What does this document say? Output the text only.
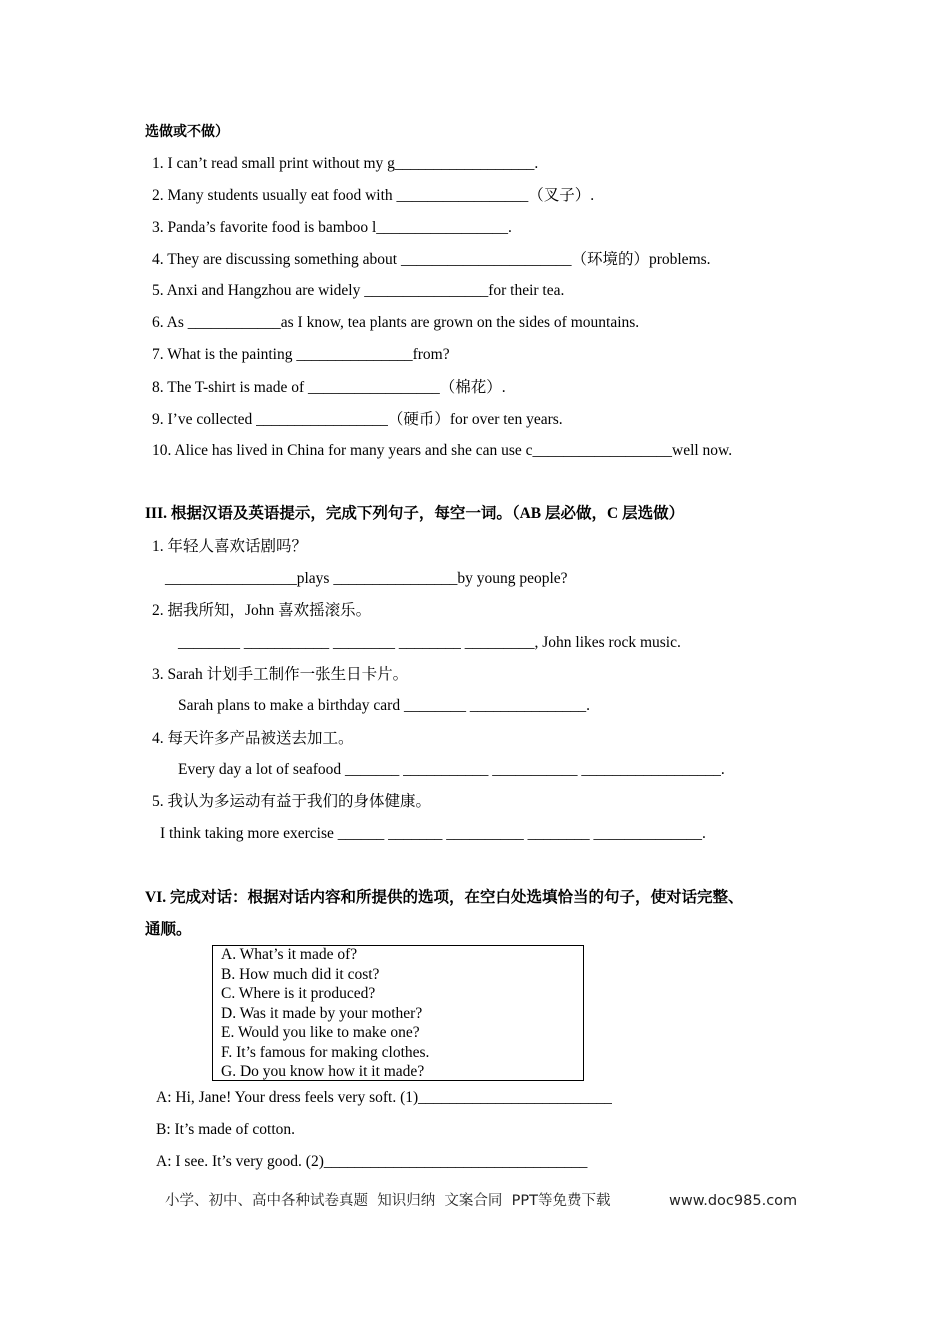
选做或不做）
1. I can’t read small print without my g__________________.
2. Many students usually eat food with _________________（叉子）.
3. Panda’s favorite food is bamboo l_________________.
4. They are discussing something about ______________________（环境的）problems.
5. Anxi and Hangzhou are widely ________________for their tea.
6. As ____________as I know, tea plants are grown on the sides of mountains.
7. What is the painting _______________from?
8. The T-shirt is made of _________________（棉花）.
9. I’ve collected _________________（硬币）for over ten years.
10. Alice has lived in China for many years and she can use c__________________well now.
III. 根据汉语及英语提示，完成下列句子，每空一词。（AB 层必做，C 层选做）
1. 年轻人喜欢话剧吗？
_________________plays ________________by young people?
2. 据我所知，John 喜欢摇滚乐。
________ ___________ ________ ________ _________, John likes rock music.
3. Sarah 计划手工制作一张生日卡片。
Sarah plans to make a birthday card ________ _______________.
4. 每天许多产品被送去加工。
Every day a lot of seafood _______ ___________ ___________ __________________.
5. 我认为多运动有益于我们的身体健康。
I think taking more exercise ______ _______ __________ ________ ______________.
VI. 完成对话：根据对话内容和所提供的选项，在空白处选填恰当的句子，使对话完整、
通顺。
A. What’s it made of?
B. How much did it cost?
C. Where is it produced?
D. Was it made by your mother?
E. Would you like to make one?
F. It’s famous for making clothes.
G. Do you know how it it made?
A: Hi, Jane! Your dress feels very soft. (1)_________________________
B: It’s made of cotton.
A: I see. It’s very good. (2)__________________________________
小学、初中、高中各种试卷真题  知识归纳  文案合同  PPT等免费下载	www.doc985.com
